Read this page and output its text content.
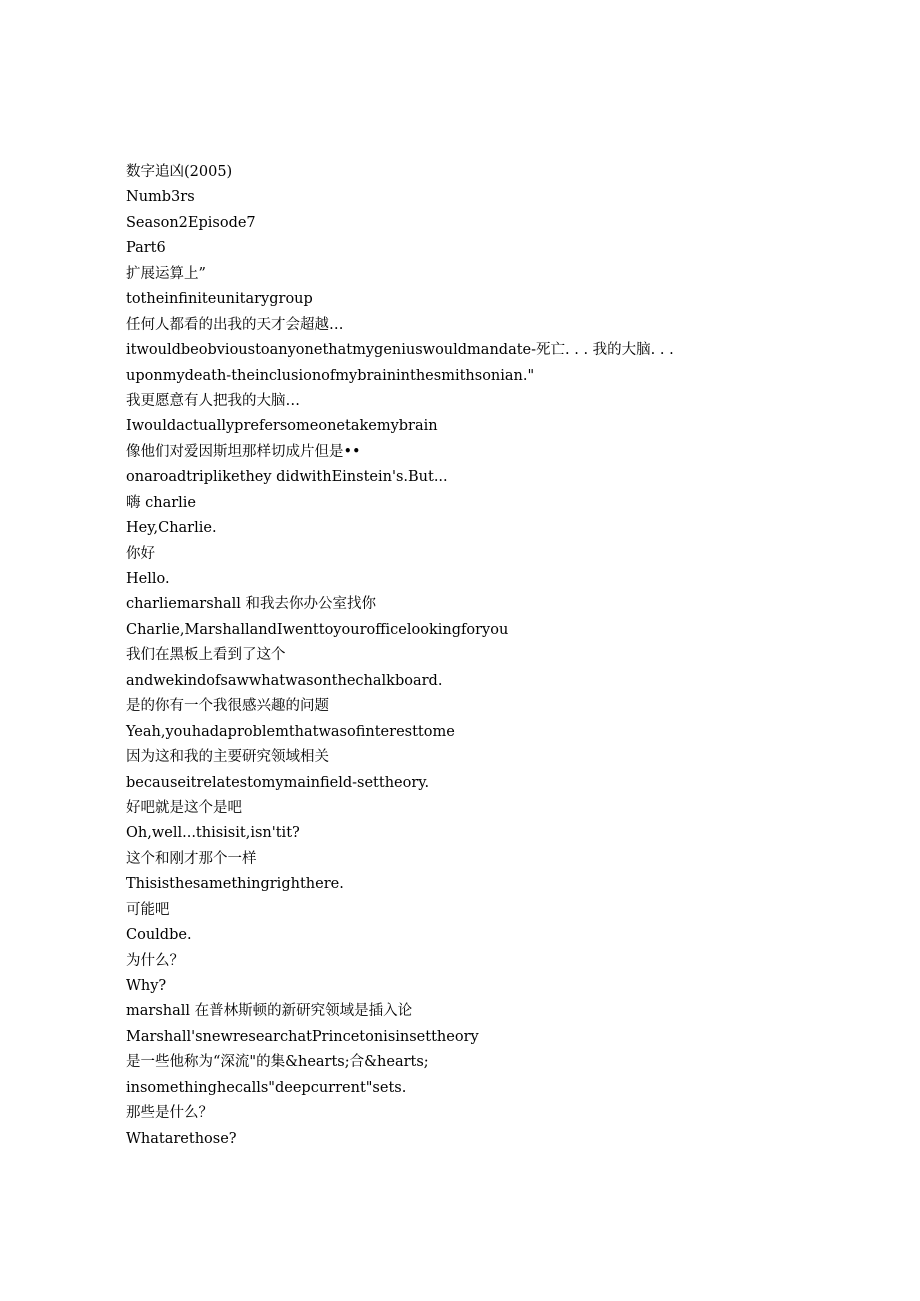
数字追凶(2005)
Numb3rs
Season2Episode7
Part6
扩展运算上”
totheinfiniteunitarygroup
任何人都看的出我的天才会超越…
itwouldbeobvioustoanyonethatmygeniuswouldmandate-死亡. . . 我的大脑. . .
uponmydeath-theinclusionofmybraininthesmithsonian."
我更愿意有人把我的大脑…
Iwouldactuallyprefersomeonetakemybrain
像他们对爱因斯坦那样切成片但是••
onaroadtriplikethey didwithEinstein's.But...
嗨 charlie
Hey,Charlie.
你好
Hello.
charliemarshall 和我去你办公室找你
Charlie,MarshallandIwenttoyourofficelookingforyou
我们在黑板上看到了这个
andwekindofsawwhatwasonthechalkboard.
是的你有一个我很感兴趣的问题
Yeah,youhadaproblemthatwasofinteresttome
因为这和我的主要研究领域相关
becauseitrelatestomymainfield-settheory.
好吧就是这个是吧
Oh,well...thisisit,isn'tit?
这个和刚才那个一样
Thisisthesamethingrighthere.
可能吧
Couldbe.
为什么？
Why?
marshall 在普林斯顿的新研究领域是插入论
Marshall'snewresearchatPrincetonisinsettheory
是一些他称为“深流"的集&hearts;合&hearts;
insomethinghecalls"deepcurrent"sets.
那些是什么？
Whatarethose?
